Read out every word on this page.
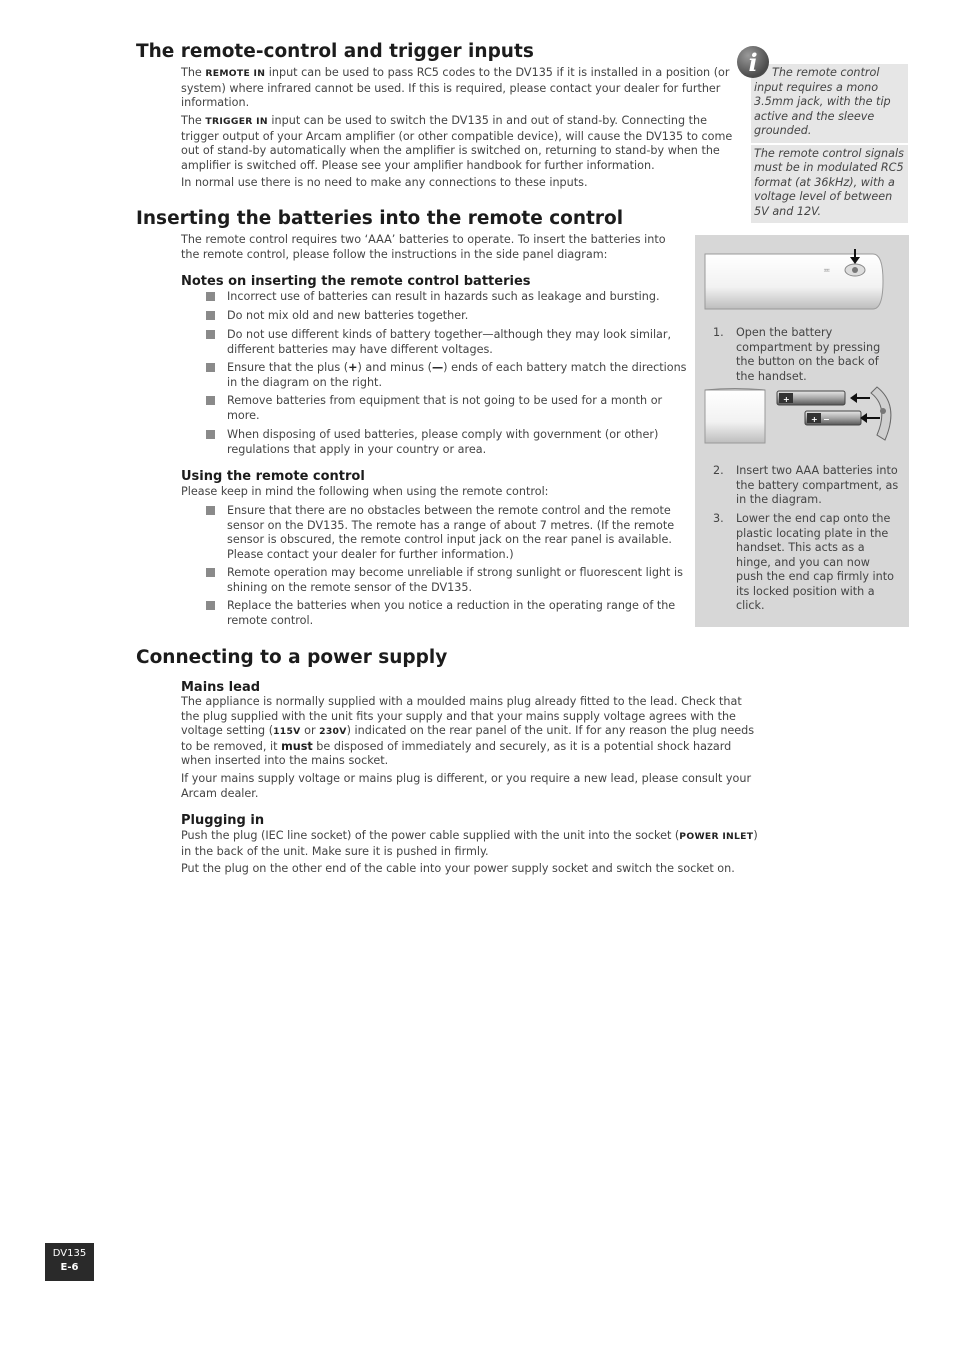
The remote-control and trigger inputs

The REMOTE IN input can be used to pass RC5 codes to the DV135 if it is installed in a position (or system) where infrared cannot be used. If this is required, please contact your dealer for further information.

The TRIGGER IN input can be used to switch the DV135 in and out of stand-by. Connecting the trigger output of your Arcam amplifier (or other compatible device), will cause the DV135 to come out of stand-by automatically when the amplifier is switched on, returning to stand-by when the amplifier is switched off. Please see your amplifier handbook for further information.

In normal use there is no need to make any connections to these inputs.

The remote control input requires a mono 3.5mm jack, with the tip active and the sleeve grounded.

The remote control signals must be in modulated RC5 format (at 36kHz), with a voltage level of between 5V and 12V.

i
Inserting the batteries into the remote control

The remote control requires two ‘AAA’ batteries to operate. To insert the batteries into the remote control, please follow the instructions in the side panel diagram:

Notes on inserting the remote control batteries

Incorrect use of batteries can result in hazards such as leakage and bursting.

Do not mix old and new batteries together.

Do not use different kinds of battery together—although they may look similar, different batteries may have different voltages.

Ensure that the plus (+) and minus (—) ends of each battery match the directions in the diagram on the right.

Remove batteries from equipment that is not going to be used for a month or more.

When disposing of used batteries, please comply with government (or other) regulations that apply in your country or area.

Using the remote control

Please keep in mind the following when using the remote control:

Ensure that there are no obstacles between the remote control and the remote sensor on the DV135. The remote has a range of about 7 metres. (If the remote sensor is obscured, the remote control input jack on the rear panel is available. Please contact your dealer for further information.)

Remote operation may become unreliable if strong sunlight or fluorescent light is shining on the remote sensor of the DV135.

Replace the batteries when you notice a reduction in the operating range of the remote control.

≖
+
+ −
1. Open the battery compartment by pressing the button on the back of the handset.
2. Insert two AAA batteries into the battery compartment, as in the diagram.
3. Lower the end cap onto the plastic locating plate in the handset. This acts as a hinge, and you can now push the end cap firmly into its locked position with a click.
Connecting to a power supply
Mains lead

The appliance is normally supplied with a moulded mains plug already fitted to the lead. Check that the plug supplied with the unit fits your supply and that your mains supply voltage agrees with the voltage setting (115V or 230V) indicated on the rear panel of the unit. If for any reason the plug needs to be removed, it must be disposed of immediately and securely, as it is a potential shock hazard when inserted into the mains socket.

If your mains supply voltage or mains plug is different, or you require a new lead, please consult your Arcam dealer.

Plugging in

Push the plug (IEC line socket) of the power cable supplied with the unit into the socket (POWER INLET) in the back of the unit. Make sure it is pushed in firmly.

Put the plug on the other end of the cable into your power supply socket and switch the socket on.

DV135
E-6
